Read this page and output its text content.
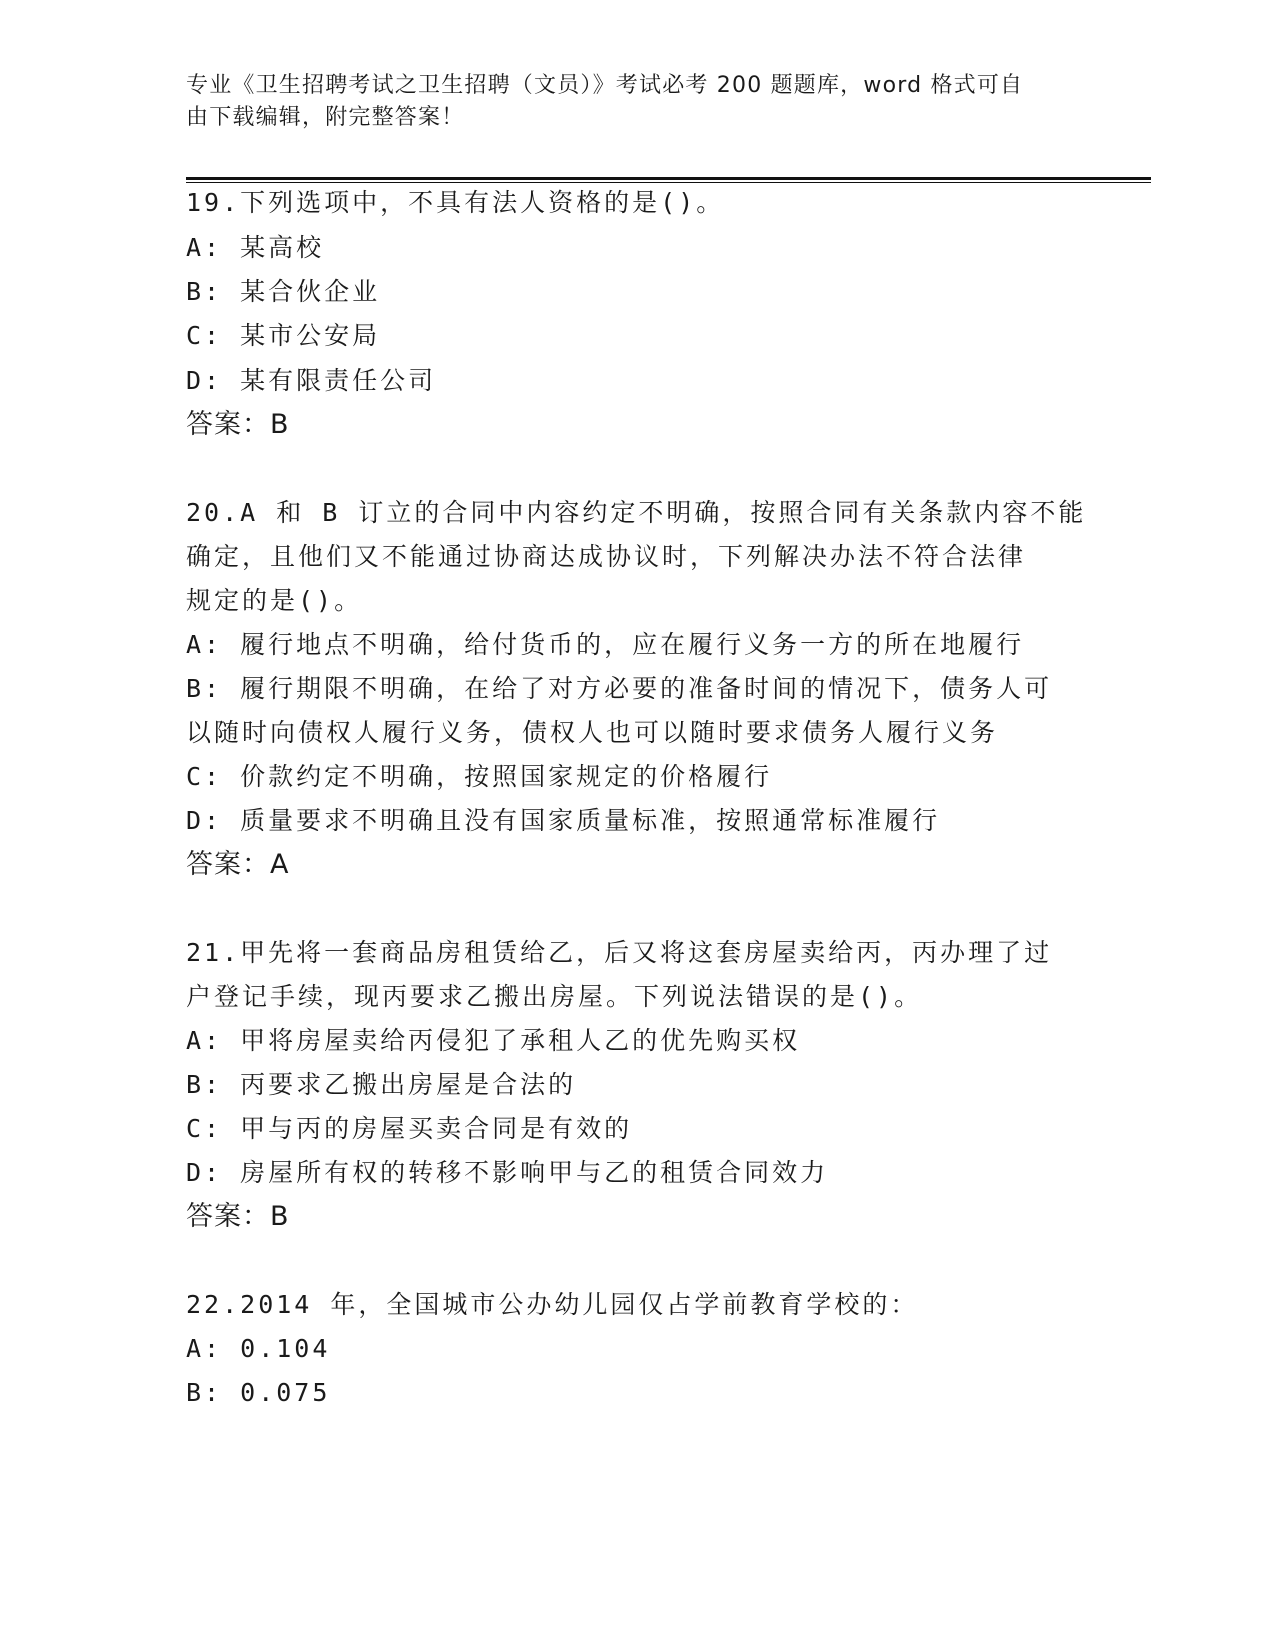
专业《卫生招聘考试之卫生招聘（文员）》考试必考 200 题题库，word 格式可自
由下载编辑，附完整答案！
19.下列选项中，不具有法人资格的是()。
A: 某高校
B: 某合伙企业
C: 某市公安局
D: 某有限责任公司
答案：B
20.A 和 B 订立的合同中内容约定不明确，按照合同有关条款内容不能
确定，且他们又不能通过协商达成协议时，下列解决办法不符合法律
规定的是()。
A: 履行地点不明确，给付货币的，应在履行义务一方的所在地履行
B: 履行期限不明确，在给了对方必要的准备时间的情况下，债务人可
以随时向债权人履行义务，债权人也可以随时要求债务人履行义务
C: 价款约定不明确，按照国家规定的价格履行
D: 质量要求不明确且没有国家质量标准，按照通常标准履行
答案：A
21.甲先将一套商品房租赁给乙，后又将这套房屋卖给丙，丙办理了过
户登记手续，现丙要求乙搬出房屋。下列说法错误的是()。
A: 甲将房屋卖给丙侵犯了承租人乙的优先购买权
B: 丙要求乙搬出房屋是合法的
C: 甲与丙的房屋买卖合同是有效的
D: 房屋所有权的转移不影响甲与乙的租赁合同效力
答案：B
22.2014 年，全国城市公办幼儿园仅占学前教育学校的：
A: 0.104
B: 0.075
